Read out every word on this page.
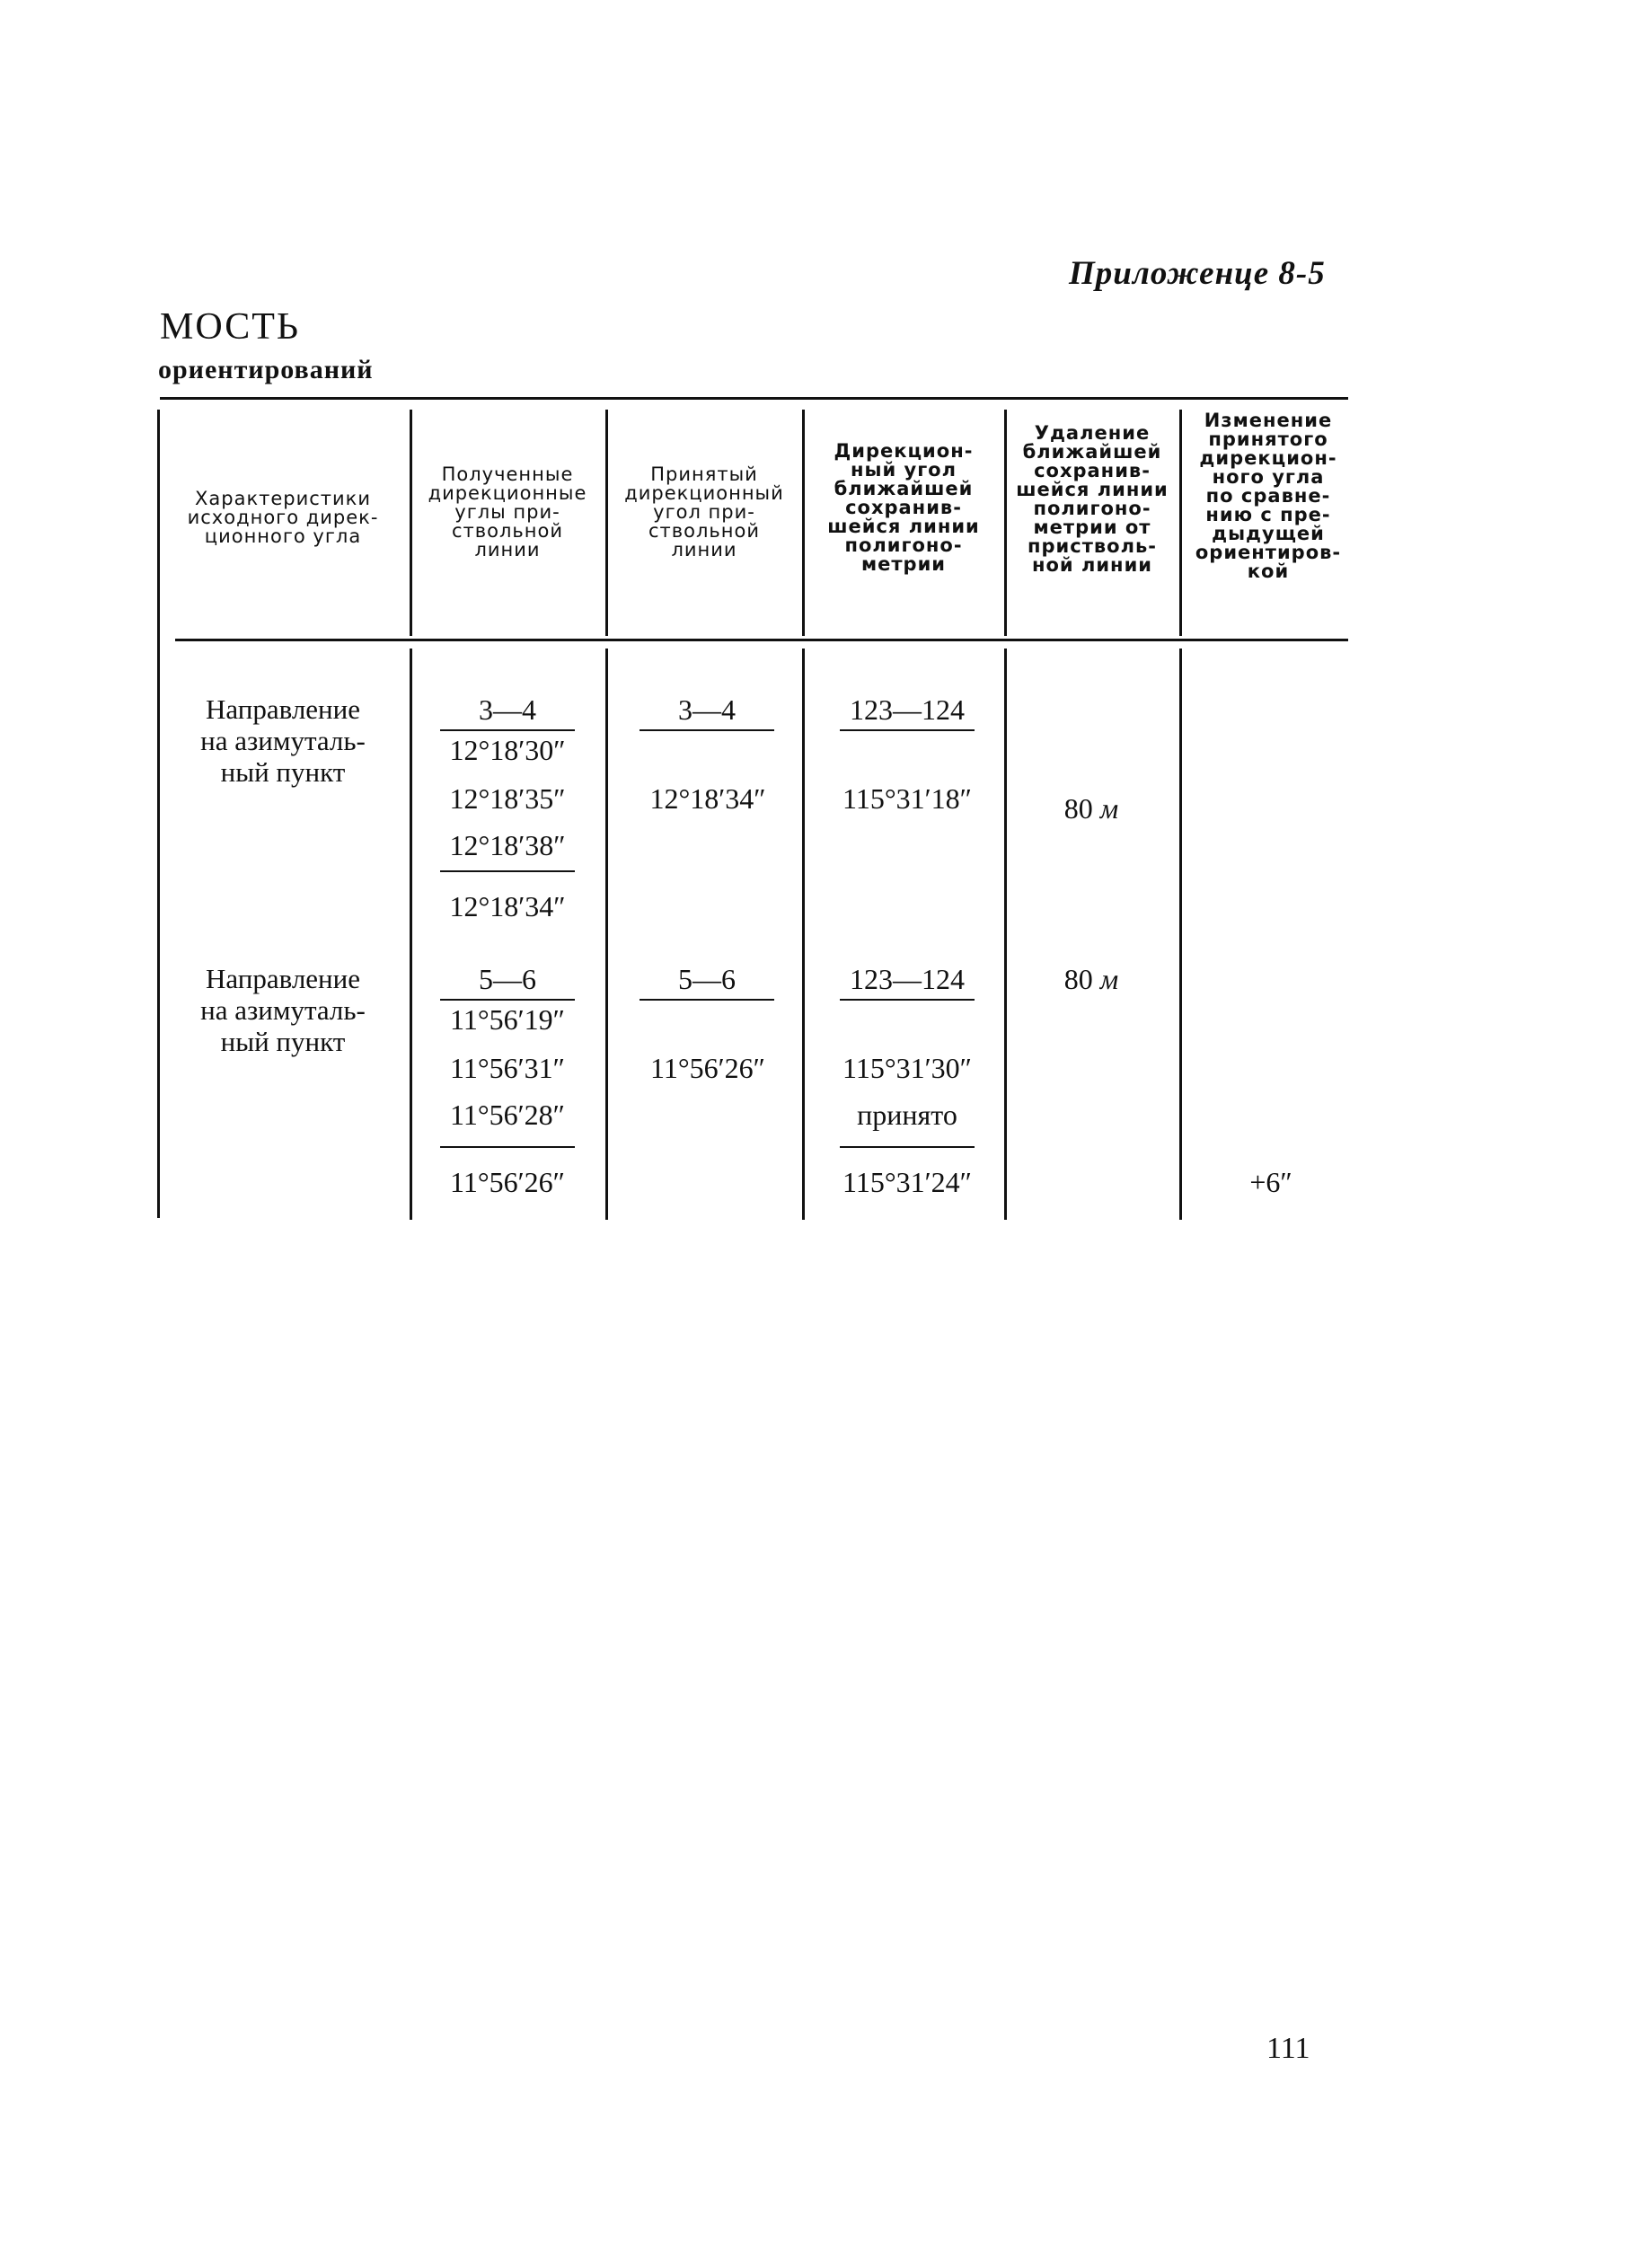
Приложенце 8-5
МОСТЬ
ориентирований
Характеристики
исходного дирек-
ционного угла
Полученные
дирекционные
углы при-
ствольной
линии
Принятый
дирекционный
угол при-
ствольной
линии
Дирекцион-
ный угол
ближайшей
сохранив-
шейся линии
полигоно-
метрии
Удаление
ближайшей
сохранив-
шейся линии
полигоно-
метрии от
пристволь-
ной линии
Изменение
принятого
дирекцион-
ного угла
по сравне-
нию с пре-
дыдущей
ориентиров-
кой
Направление
на азимуталь-
ный пункт
3—4
12°18′30″
12°18′35″
12°18′38″
12°18′34″
3—4
12°18′34″
123—124
115°31′18″	80 м
Направление
на азимуталь-
ный пункт
5—6
11°56′19″
11°56′31″
11°56′28″
11°56′26″
5—6
11°56′26″
123—124
115°31′30″
принято
115°31′24″
80 м
+6″
111
